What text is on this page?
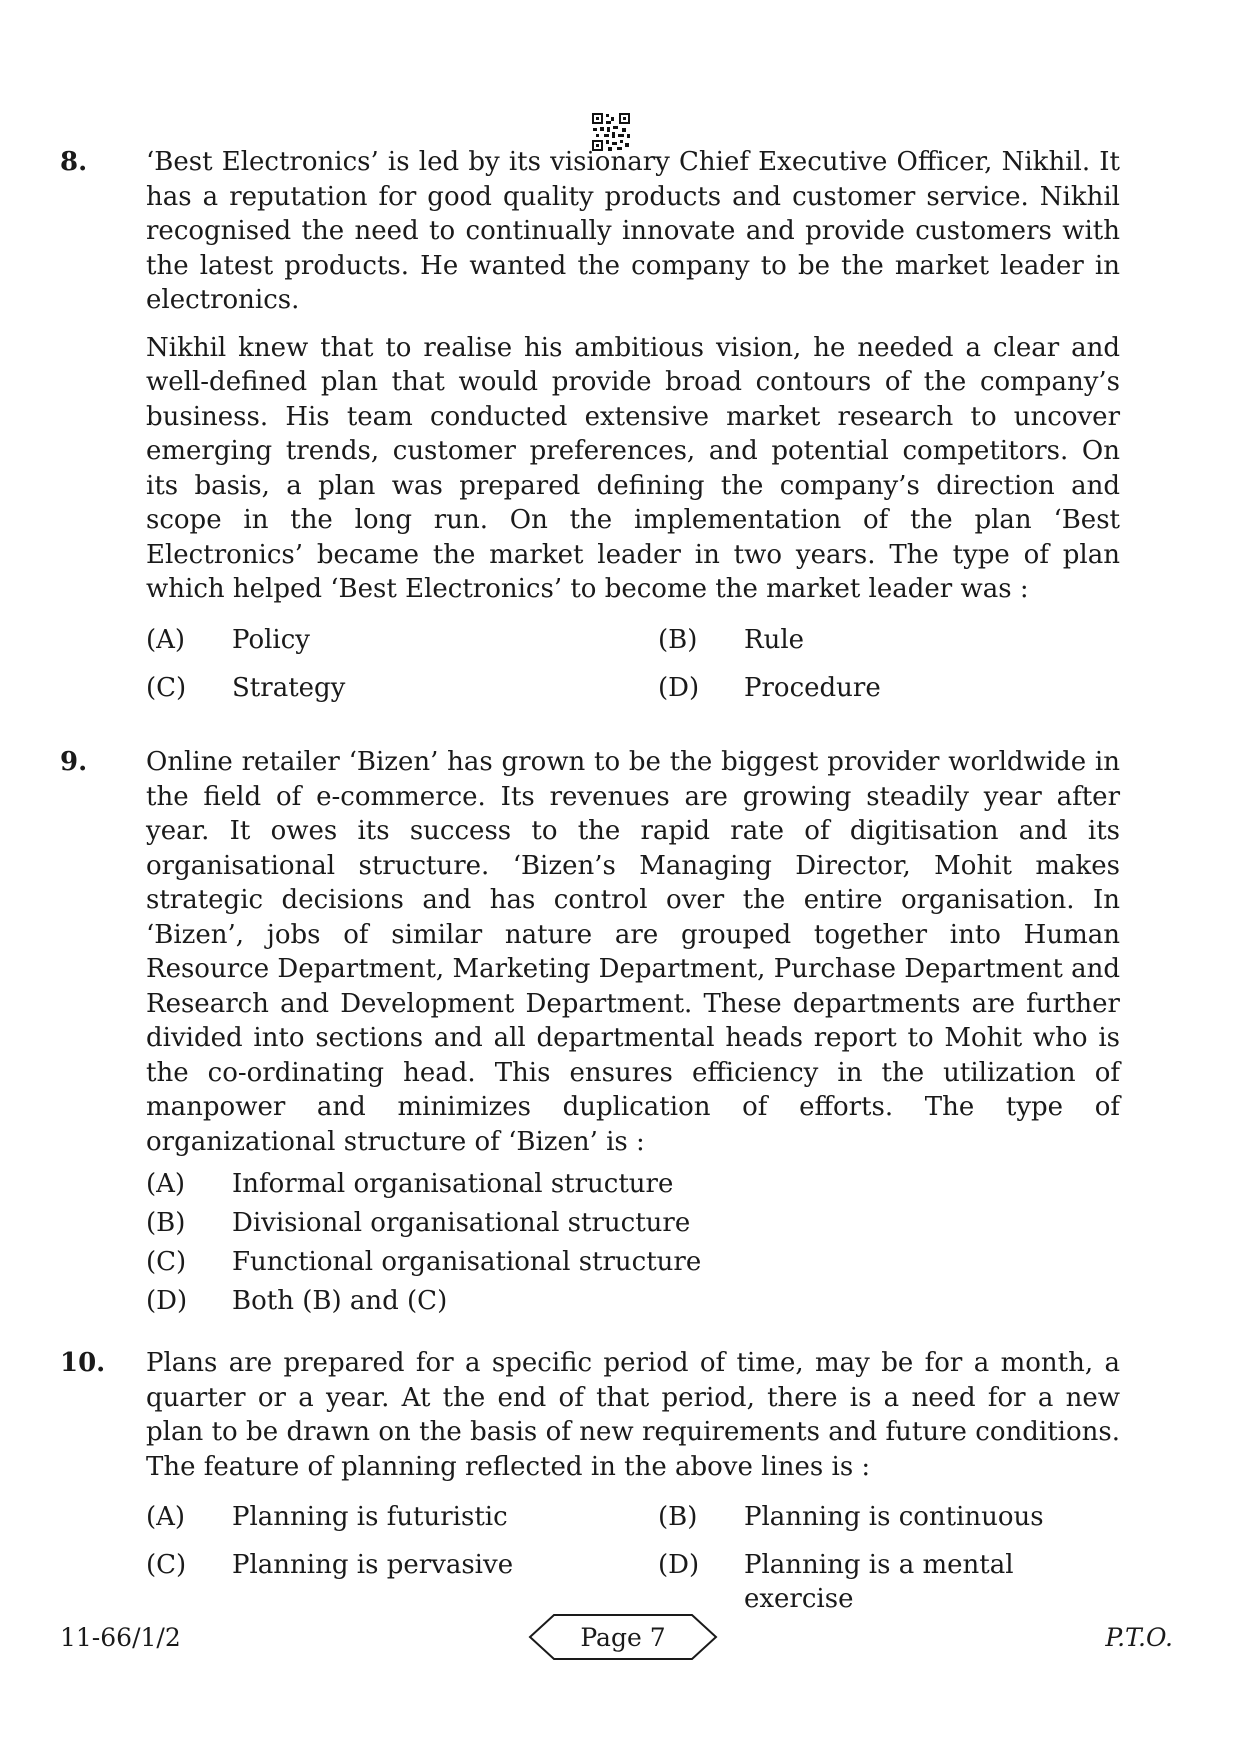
8. ‘Best Electronics’ is led by its visionary Chief Executive Officer, Nikhil. It has a reputation for good quality products and customer service. Nikhil recognised the need to continually innovate and provide customers with the latest products. He wanted the company to be the market leader in electronics.

Nikhil knew that to realise his ambitious vision, he needed a clear and well-defined plan that would provide broad contours of the company’s business. His team conducted extensive market research to uncover emerging trends, customer preferences, and potential competitors. On its basis, a plan was prepared defining the company’s direction and scope in the long run. On the implementation of the plan ‘Best Electronics’ became the market leader in two years. The type of plan which helped ‘Best Electronics’ to become the market leader was :

(A)	Policy	(B)	Rule
(C)	Strategy	(D)	Procedure
9. Online retailer ‘Bizen’ has grown to be the biggest provider worldwide in the field of e-commerce. Its revenues are growing steadily year after year. It owes its success to the rapid rate of digitisation and its organisational structure. ‘Bizen’s Managing Director, Mohit makes strategic decisions and has control over the entire organisation. In ‘Bizen’, jobs of similar nature are grouped together into Human Resource Department, Marketing Department, Purchase Department and Research and Development Department. These departments are further divided into sections and all departmental heads report to Mohit who is the co-ordinating head. This ensures efficiency in the utilization of manpower and minimizes duplication of efforts. The type of organizational structure of ‘Bizen’ is :

(A)	Informal organisational structure
(B)	Divisional organisational structure
(C)	Functional organisational structure
(D)	Both (B) and (C)
10. Plans are prepared for a specific period of time, may be for a month, a quarter or a year. At the end of that period, there is a need for a new plan to be drawn on the basis of new requirements and future conditions. The feature of planning reflected in the above lines is :

(A)	Planning is futuristic	(B)	Planning is continuous
(C)	Planning is pervasive	(D)	Planning is a mental exercise
11-66/1/2	Page 7	P.T.O.
